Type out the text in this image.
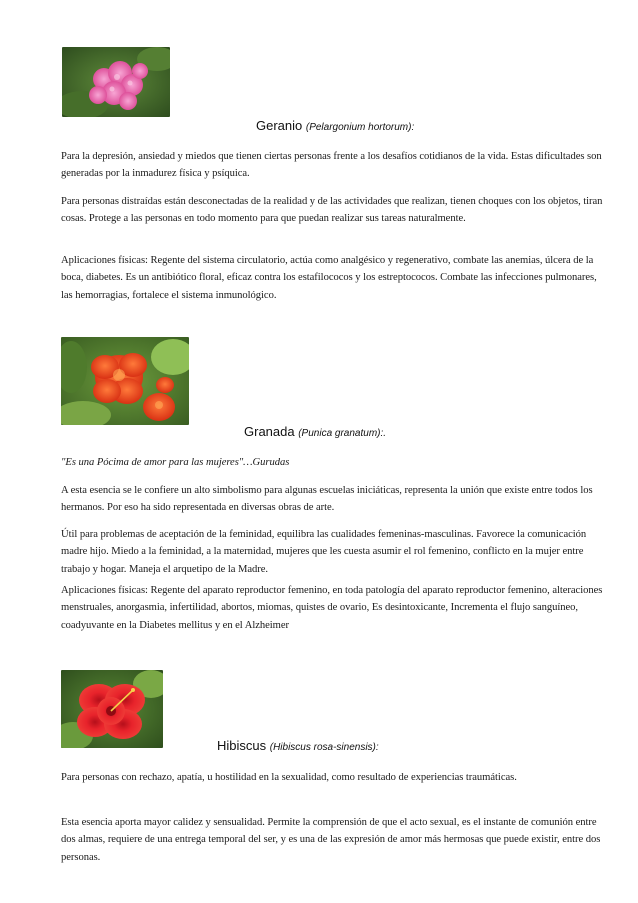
Geranio (Pelargonium hortorum):
Para la depresión, ansiedad y miedos que tienen ciertas personas frente a los desafíos cotidianos de la vida. Estas dificultades son generadas por la inmadurez física y psíquica.
Para personas distraídas están desconectadas de la realidad y de las actividades que realizan, tienen choques con los objetos, tiran cosas. Protege a las personas en todo momento para que puedan realizar sus tareas naturalmente.
Aplicaciones físicas: Regente del sistema circulatorio, actúa como analgésico y regenerativo, combate las anemias, úlcera de la boca, diabetes. Es un antibiótico floral, eficaz contra los estafilococos y los estreptococos. Combate las infecciones pulmonares, las hemorragias, fortalece el sistema inmunológico.
Granada (Punica granatum):.
"Es una Pócima de amor para las mujeres"…Gurudas
A esta esencia se le confiere un alto simbolismo para algunas escuelas iniciáticas, representa la unión que existe entre todos los hermanos. Por eso ha sido representada en diversas obras de arte.
Útil para problemas de aceptación de la feminidad, equilibra las cualidades femeninas-masculinas. Favorece la comunicación madre hijo. Miedo a la feminidad, a la maternidad, mujeres que les cuesta asumir el rol femenino, conflicto en la mujer entre trabajo y hogar. Maneja el arquetipo de la Madre.
Aplicaciones físicas: Regente del aparato reproductor femenino, en toda patología del aparato reproductor femenino, alteraciones menstruales, anorgasmia, infertilidad, abortos, miomas, quistes de ovario, Es desintoxicante, Incrementa el flujo sanguíneo, coadyuvante en la Diabetes mellitus y en el Alzheimer
Hibiscus (Hibiscus rosa-sinensis):
Para personas con rechazo, apatía, u hostilidad en la sexualidad, como resultado de experiencias traumáticas.
Esta esencia aporta mayor calidez y sensualidad. Permite la comprensión de que el acto sexual, es el instante de comunión entre dos almas, requiere de una entrega temporal del ser, y es una de las expresión de amor más hermosas que puede existir, entre dos personas.
